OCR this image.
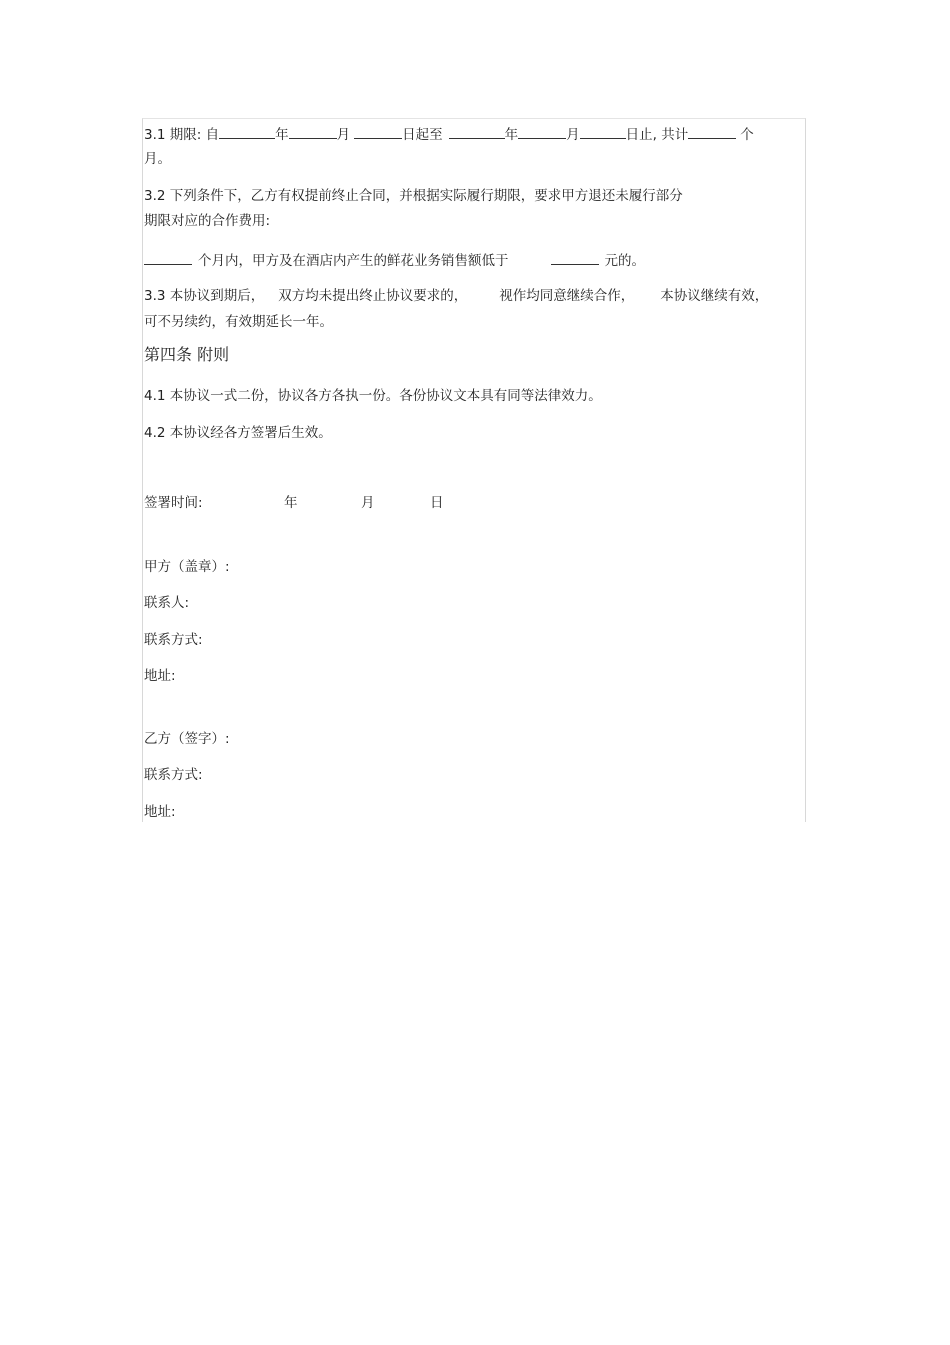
3.1 期限: 自	年	月	日起至	年	月	日止, 共计	个
月。
3.2 下列条件下，乙方有权提前终止合同，并根据实际履行期限，要求甲方退还未履行部分
期限对应的合作费用:
个月内，甲方及在酒店内产生的鲜花业务销售额低于	元的。
3.3 本协议到期后， 双方均未提出终止协议要求的， 视作均同意继续合作， 本协议继续有效，
可不另续约，有效期延长一年。
第四条 附则
4.1 本协议一式二份，协议各方各执一份。各份协议文本具有同等法律效力。
4.2 本协议经各方签署后生效。
签署时间:	年	月	日
甲方（盖章）:
联系人:
联系方式:
地址:
乙方（签字）:
联系方式:
地址:
